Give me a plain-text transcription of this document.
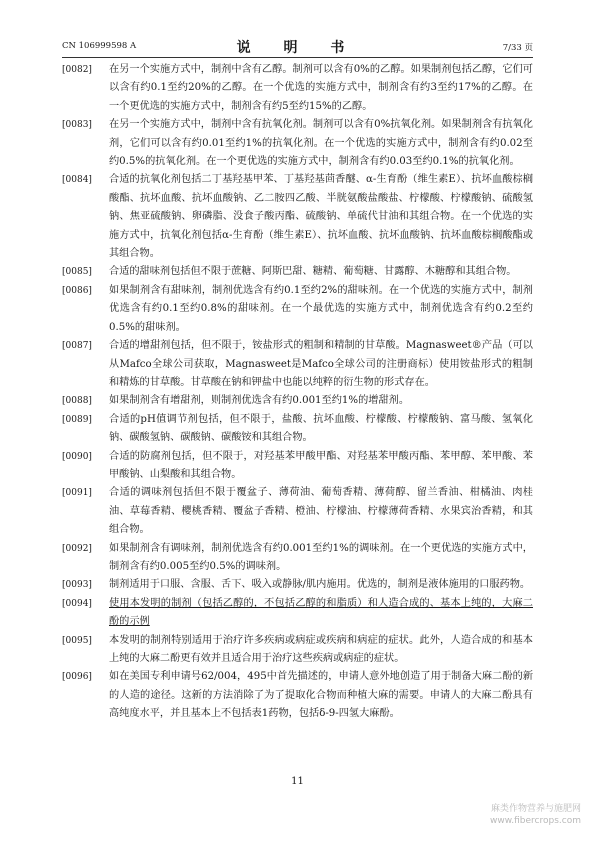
CN 106999598 A	说 明 书	7/33 页
[0082]	在另一个实施方式中，制剂中含有乙醇。制剂可以含有0%的乙醇。如果制剂包括乙醇，它们可以含有约0.1至约20%的乙醇。在一个优选的实施方式中，制剂含有约3至约17%的乙醇。在一个更优选的实施方式中，制剂含有约5至约15%的乙醇。
[0083]	在另一个实施方式中，制剂中含有抗氧化剂。制剂可以含有0%抗氧化剂。如果制剂含有抗氧化剂，它们可以含有约0.01至约1%的抗氧化剂。在一个优选的实施方式中，制剂含有约0.02至约0.5%的抗氧化剂。在一个更优选的实施方式中，制剂含有约0.03至约0.1%的抗氧化剂。
[0084]	合适的抗氧化剂包括二丁基羟基甲苯、丁基羟基茴香醚、α-生育酚（维生素E）、抗坏血酸棕榈酸酯、抗坏血酸、抗坏血酸钠、乙二胺四乙酸、半胱氨酸盐酸盐、柠檬酸、柠檬酸钠、硫酸氢钠、焦亚硫酸钠、卵磷脂、没食子酸丙酯、硫酸钠、单硫代甘油和其组合物。在一个优选的实施方式中，抗氧化剂包括α-生育酚（维生素E）、抗坏血酸、抗坏血酸钠、抗坏血酸棕榈酸酯或其组合物。
[0085]	合适的甜味剂包括但不限于蔗糖、阿斯巴甜、糖精、葡萄糖、甘露醇、木糖醇和其组合物。
[0086]	如果制剂含有甜味剂，制剂优选含有约0.1至约2%的甜味剂。在一个优选的实施方式中，制剂优选含有约0.1至约0.8%的甜味剂。在一个最优选的实施方式中，制剂优选含有约0.2至约0.5%的甜味剂。
[0087]	合适的增甜剂包括，但不限于，铵盐形式的粗制和精制的甘草酸。Magnasweet®产品（可以从Mafco全球公司获取，Magnasweet是Mafco全球公司的注册商标）使用铵盐形式的粗制和精炼的甘草酸。甘草酸在钠和钾盐中也能以纯粹的衍生物的形式存在。
[0088]	如果制剂含有增甜剂，则制剂优选含有约0.001至约1%的增甜剂。
[0089]	合适的pH值调节剂包括，但不限于，盐酸、抗坏血酸、柠檬酸、柠檬酸钠、富马酸、氢氧化钠、碳酸氢钠、碳酸钠、碳酸铵和其组合物。
[0090]	合适的防腐剂包括，但不限于，对羟基苯甲酸甲酯、对羟基苯甲酸丙酯、苯甲醇、苯甲酸、苯甲酸钠、山梨酸和其组合物。
[0091]	合适的调味剂包括但不限于覆盆子、薄荷油、葡萄香精、薄荷醇、留兰香油、柑橘油、肉桂油、草莓香精、樱桃香精、覆盆子香精、橙油、柠檬油、柠檬薄荷香精、水果宾治香精，和其组合物。
[0092]	如果制剂含有调味剂，制剂优选含有约0.001至约1%的调味剂。在一个更优选的实施方式中，制剂含有约0.005至约0.5%的调味剂。
[0093]	制剂适用于口服、含服、舌下、吸入或静脉/肌内施用。优选的，制剂是液体施用的口服药物。
[0094]	使用本发明的制剂（包括乙醇的，不包括乙醇的和脂质）和人造合成的、基本上纯的，大麻二酚的示例
[0095]	本发明的制剂特别适用于治疗许多疾病或病症或疾病和病症的症状。此外，人造合成的和基本上纯的大麻二酚更有效并且适合用于治疗这些疾病或病症的症状。
[0096]	如在美国专利申请号62/004，495中首先描述的，申请人意外地创造了用于制备大麻二酚的新的人造的途径。这新的方法消除了为了提取化合物而种植大麻的需要。申请人的大麻二酚具有高纯度水平，并且基本上不包括表1药物，包括δ-9-四氢大麻酚。
11
麻类作物营养与施肥网
www.fibercrops.com
